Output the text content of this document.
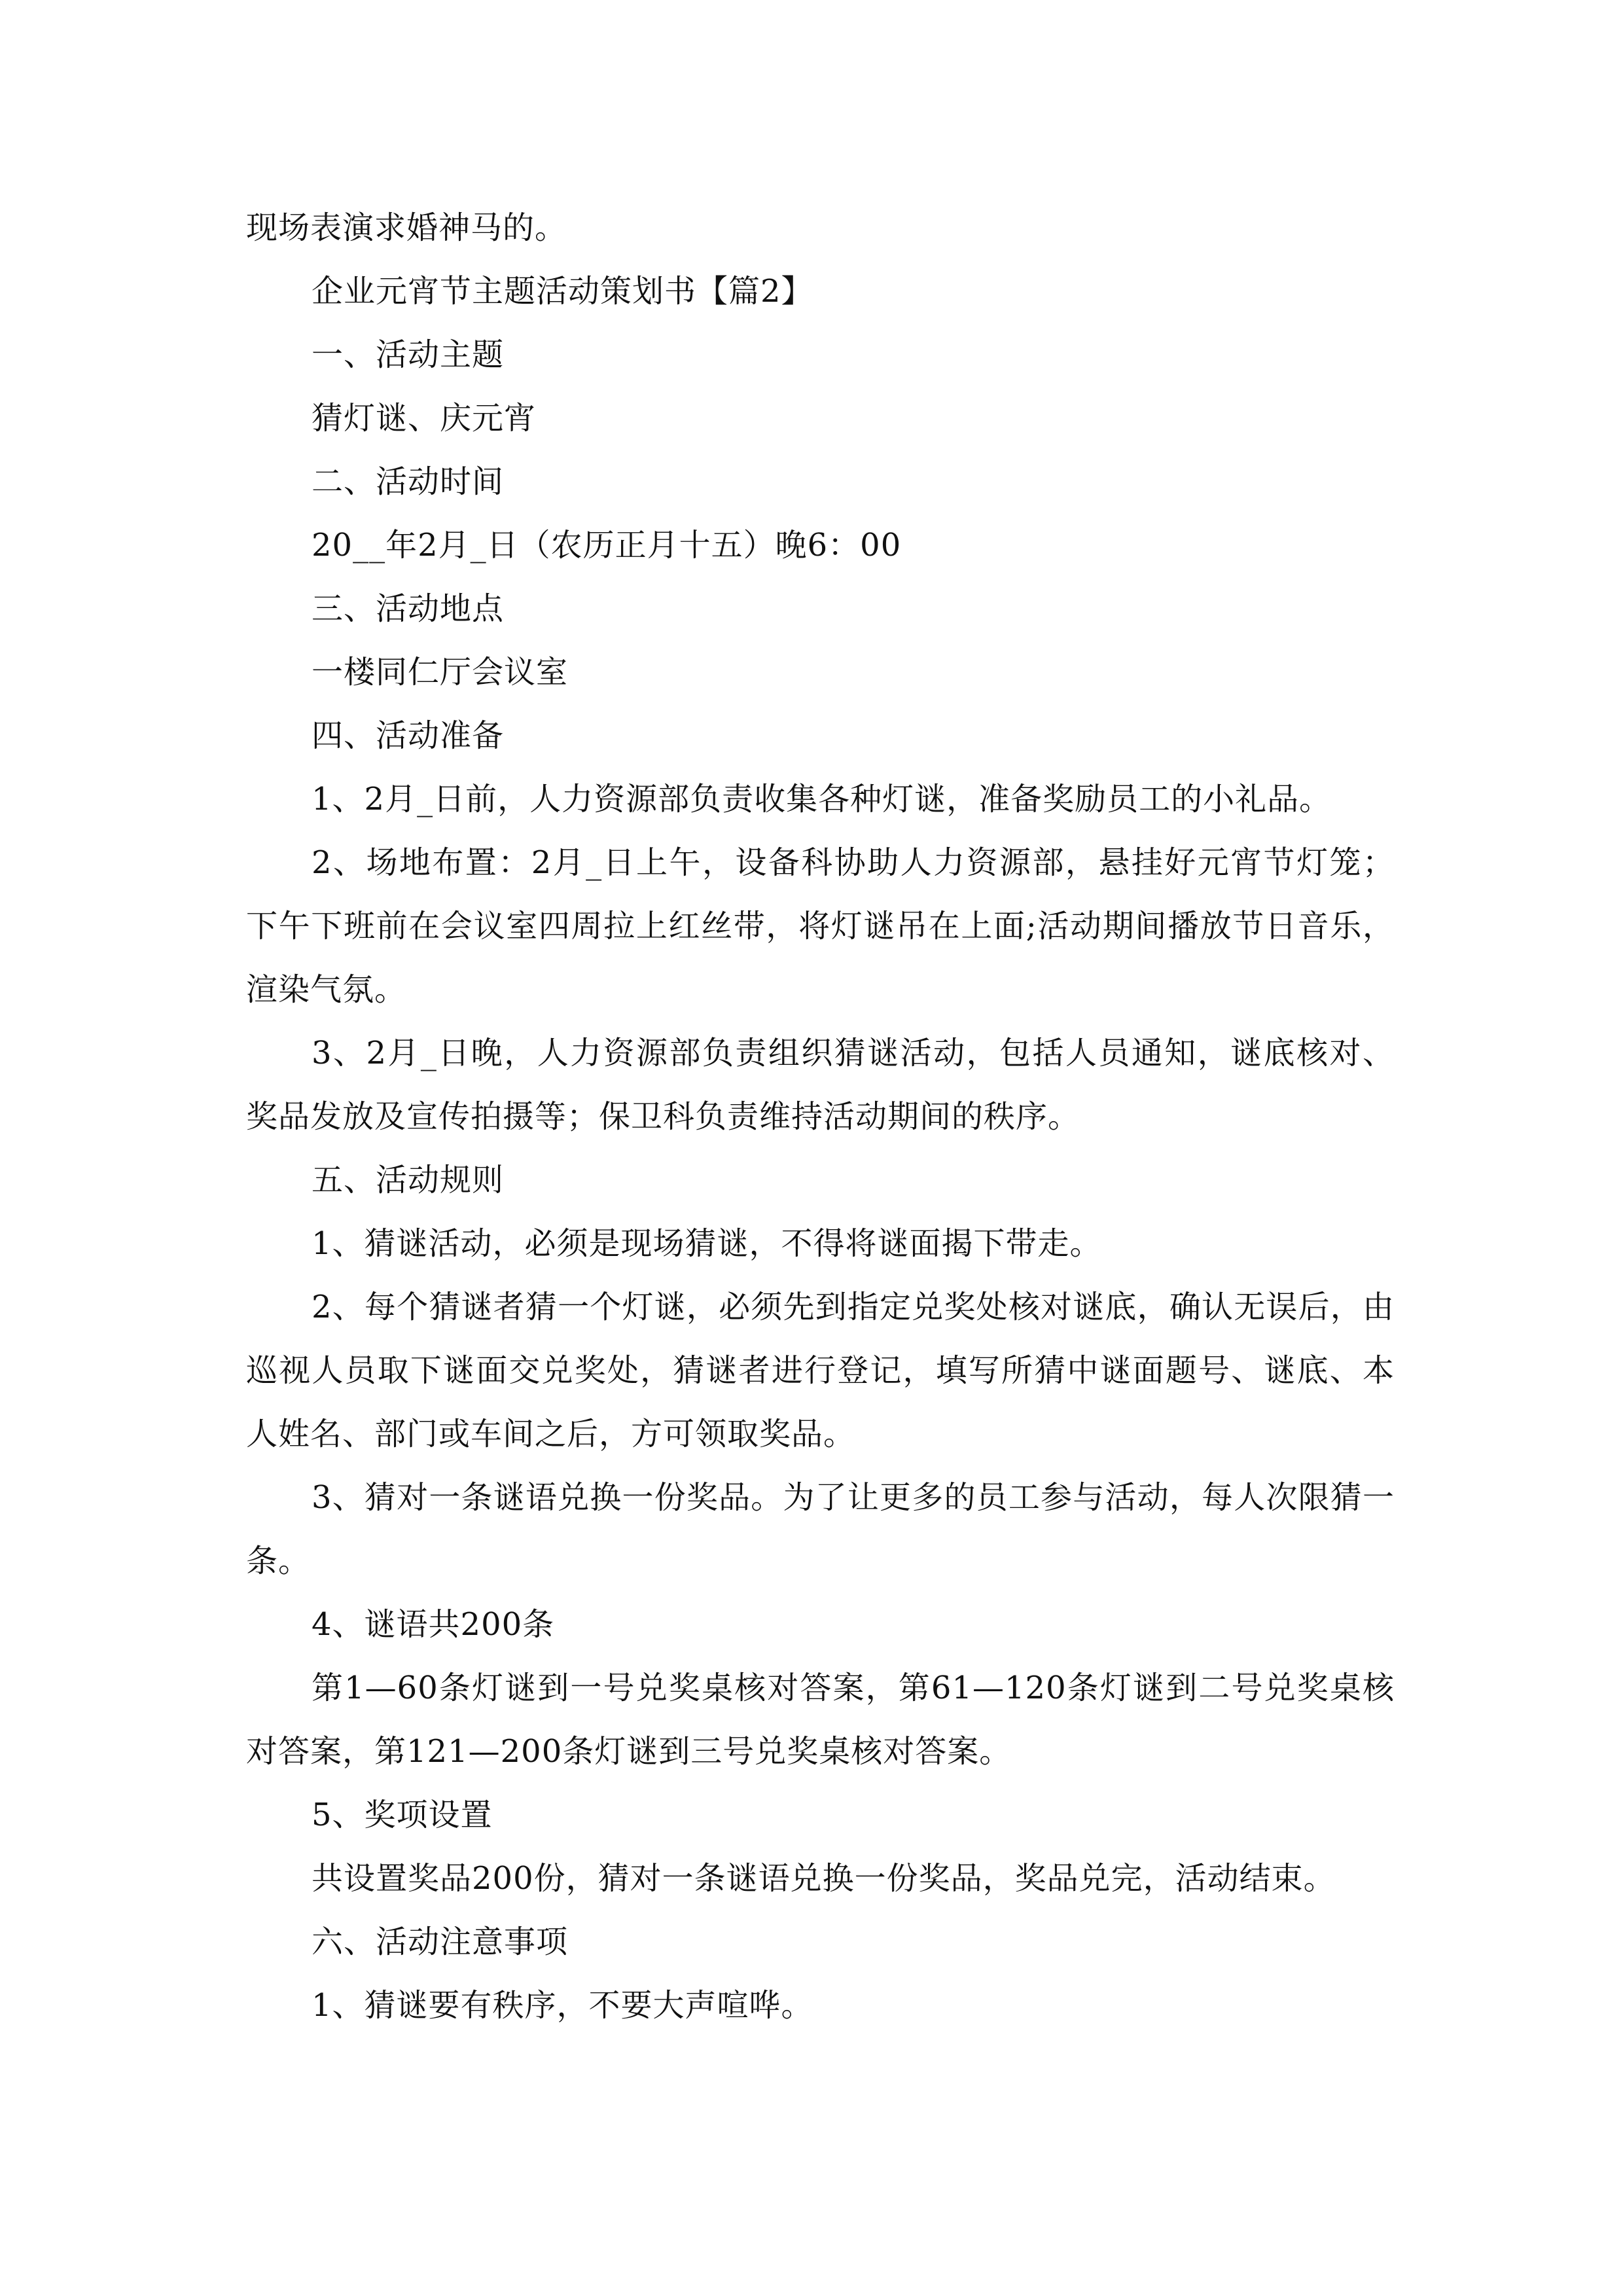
现场表演求婚神马的。

企业元宵节主题活动策划书【篇2】

一、活动主题

猜灯谜、庆元宵

二、活动时间

20__年2月_日（农历正月十五）晚6：00

三、活动地点

一楼同仁厅会议室

四、活动准备

1、2月_日前，人力资源部负责收集各种灯谜，准备奖励员工的小礼品。

2、场地布置：2月_日上午，设备科协助人力资源部，悬挂好元宵节灯笼；下午下班前在会议室四周拉上红丝带，将灯谜吊在上面;活动期间播放节日音乐，渲染气氛。

3、2月_日晚，人力资源部负责组织猜谜活动，包括人员通知，谜底核对、奖品发放及宣传拍摄等；保卫科负责维持活动期间的秩序。

五、活动规则

1、猜谜活动，必须是现场猜谜，不得将谜面揭下带走。

2、每个猜谜者猜一个灯谜，必须先到指定兑奖处核对谜底，确认无误后，由巡视人员取下谜面交兑奖处，猜谜者进行登记，填写所猜中谜面题号、谜底、本人姓名、部门或车间之后，方可领取奖品。

3、猜对一条谜语兑换一份奖品。为了让更多的员工参与活动，每人次限猜一条。

4、谜语共200条

第1—60条灯谜到一号兑奖桌核对答案，第61—120条灯谜到二号兑奖桌核对答案，第121—200条灯谜到三号兑奖桌核对答案。

5、奖项设置

共设置奖品200份，猜对一条谜语兑换一份奖品，奖品兑完，活动结束。

六、活动注意事项

1、猜谜要有秩序，不要大声喧哗。
